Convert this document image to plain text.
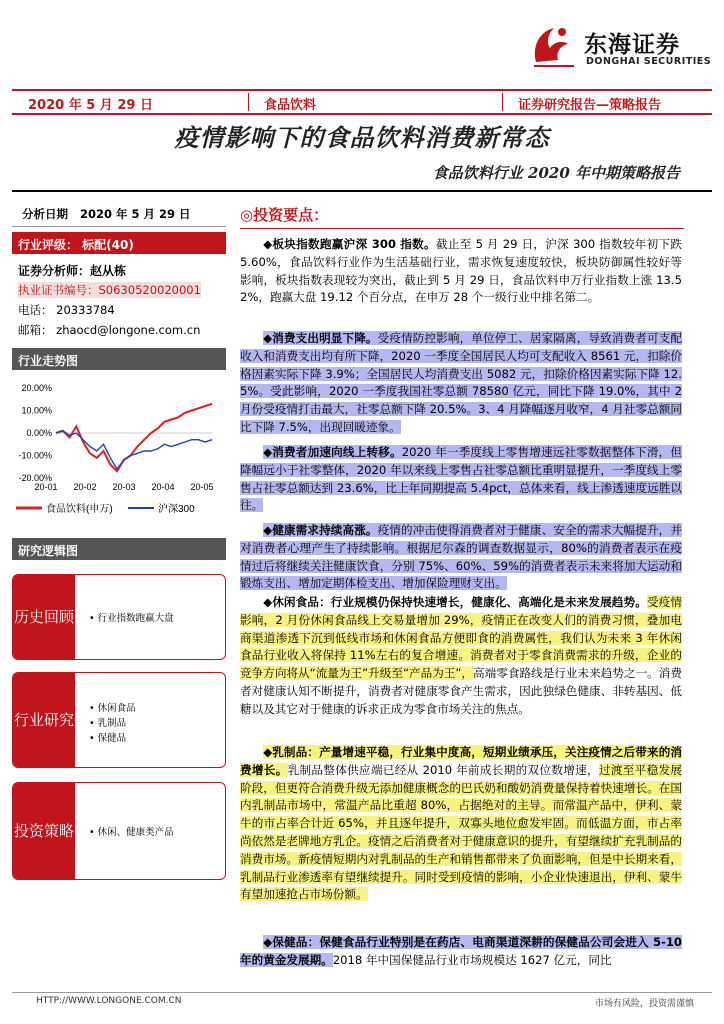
东海证券
DONGHAI SECURITIES
2020 年 5 月 29 日	食品饮料	证券研究报告—策略报告
疫情影响下的食品饮料消费新常态
食品饮料行业 2020 年中期策略报告
分析日期 2020 年 5 月 29 日
行业评级： 标配(40)
证券分析师：赵从栋
执业证书编号：S0630520020001
电话： 20333784
邮箱： zhaocd@longone.com.cn
行业走势图
20.00%
10.00%
0.00%
-10.00%
-20.00%
20-01 20-02 20-03 20-04 20-05
食品饮料(申万)	沪深300
研究逻辑图
历史回顾 • 行业指数跑赢大盘
行业研究
• 休闲食品
• 乳制品
• 保健品
投资策略 • 休闲、健康类产品
◎投资要点：
◆板块指数跑赢沪深 300 指数。截止至 5 月 29 日，沪深 300 指数较年初下跌 5.60%，食品饮料行业作为生活基础行业，需求恢复速度较快，板块防御属性较好等影响，板块指数表现较为突出，截止到 5 月 29 日，食品饮料申万行业指数上涨 13.52%，跑赢大盘 19.12 个百分点，在申万 28 个一级行业中排名第二。
◆消费支出明显下降。受疫情防控影响，单位停工、居家隔离，导致消费者可支配收入和消费支出均有所下降，2020 一季度全国居民人均可支配收入 8561 元，扣除价格因素实际下降 3.9%；全国居民人均消费支出 5082 元，扣除价格因素实际下降 12.5%。受此影响，2020 一季度我国社零总额 78580 亿元，同比下降 19.0%，其中 2 月份受疫情打击最大，社零总额下降 20.5%。3、4 月降幅逐月收窄，4 月社零总额同比下降 7.5%，出现回暖迹象。
◆消费者加速向线上转移。2020 年一季度线上零售增速远社零数据整体下滑，但降幅远小于社零整体，2020 年以来线上零售占社零总额比重明显提升，一季度线上零售占社零总额达到 23.6%，比上年同期提高 5.4pct，总体来看，线上渗透速度远胜以往。
◆健康需求持续高涨。疫情的冲击使得消费者对于健康、安全的需求大幅提升，并对消费者心理产生了持续影响。根据尼尔森的调查数据显示，80%的消费者表示在疫情过后将继续关注健康饮食，分别 75%、60%、59%的消费者表示未来将加大运动和锻炼支出、增加定期体检支出、增加保险理财支出。
◆休闲食品：行业规模仍保持快速增长，健康化、高端化是未来发展趋势。受疫情影响，2 月份休闲食品线上交易量增加 29%，疫情正在改变人们的消费习惯，叠加电商渠道渗透下沉到低线市场和休闲食品方便即食的消费属性，我们认为未来 3 年休闲食品行业收入将保持 11%左右的复合增速。消费者对于零食消费需求的升级，企业的竞争方向将从“流量为王”升级至“产品为王”，高端零食路线是行业未来趋势之一。消费者对健康认知不断提升，消费者对健康零食产生需求，因此独绿色健康、非转基因、低糖以及其它对于健康的诉求正成为零食市场关注的焦点。
◆乳制品：产量增速平稳，行业集中度高，短期业绩承压，关注疫情之后带来的消费增长。乳制品整体供应端已经从 2010 年前成长期的双位数增速，过渡至平稳发展阶段，但更符合消费升级无添加健康概念的巴氏奶和酸奶消费量保持着快速增长。在国内乳制品市场中，常温产品比重超 80%，占据绝对的主导。而常温产品中，伊利、蒙牛的市占率合计近 65%，并且逐年提升，双寡头地位愈发牢固。而低温方面，市占率尚依然是老牌地方乳企。疫情之后消费者对于健康意识的提升，有望继续扩充乳制品的消费市场。新疫情短期内对乳制品的生产和销售都带来了负面影响，但是中长期来看，乳制品行业渗透率有望继续提升。同时受到疫情的影响，小企业快速退出，伊利、蒙牛有望加速抢占市场份额。
◆保健品：保健食品行业特别是在药店、电商渠道深耕的保健品公司会进入 5-10 年的黄金发展期。2018 年中国保健品行业市场规模达 1627 亿元，同比
HTTP://WWW.LONGONE.COM.CN	市场有风险，投资需谨慎
